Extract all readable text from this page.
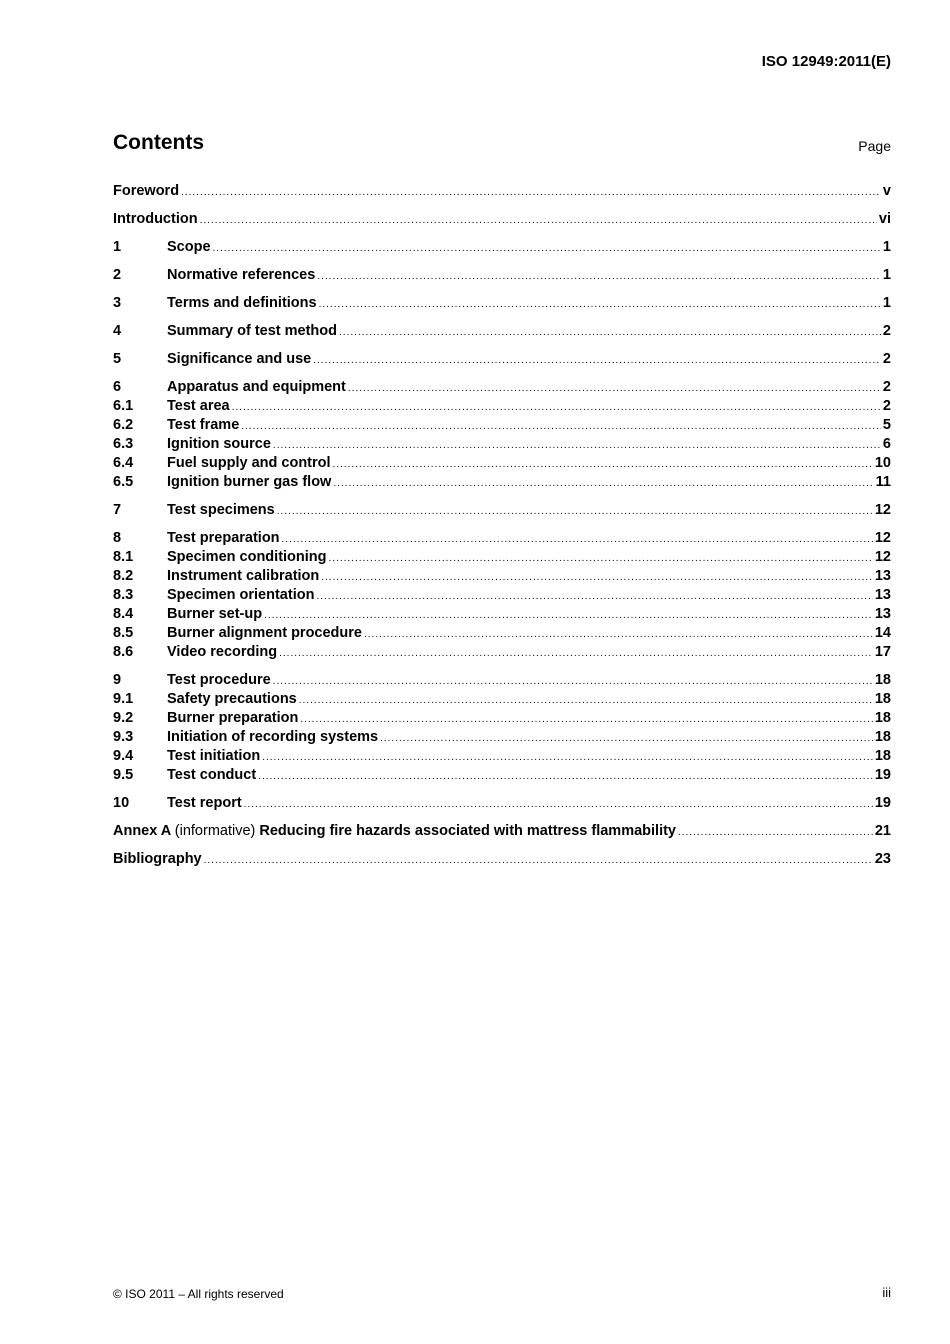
ISO 12949:2011(E)
Contents	Page
Foreword .....	v
Introduction .....	vi
1	Scope .....	1
2	Normative references .....	1
3	Terms and definitions .....	1
4	Summary of test method .....	2
5	Significance and use .....	2
6	Apparatus and equipment .....	2
6.1	Test area .....	2
6.2	Test frame .....	5
6.3	Ignition source .....	6
6.4	Fuel supply and control .....	10
6.5	Ignition burner gas flow .....	11
7	Test specimens .....	12
8	Test preparation .....	12
8.1	Specimen conditioning .....	12
8.2	Instrument calibration .....	13
8.3	Specimen orientation .....	13
8.4	Burner set-up .....	13
8.5	Burner alignment procedure .....	14
8.6	Video recording .....	17
9	Test procedure .....	18
9.1	Safety precautions .....	18
9.2	Burner preparation .....	18
9.3	Initiation of recording systems .....	18
9.4	Test initiation .....	18
9.5	Test conduct .....	19
10	Test report .....	19
Annex A (informative) Reducing fire hazards associated with mattress flammability .....	21
Bibliography .....	23
© ISO 2011 – All rights reserved	iii
